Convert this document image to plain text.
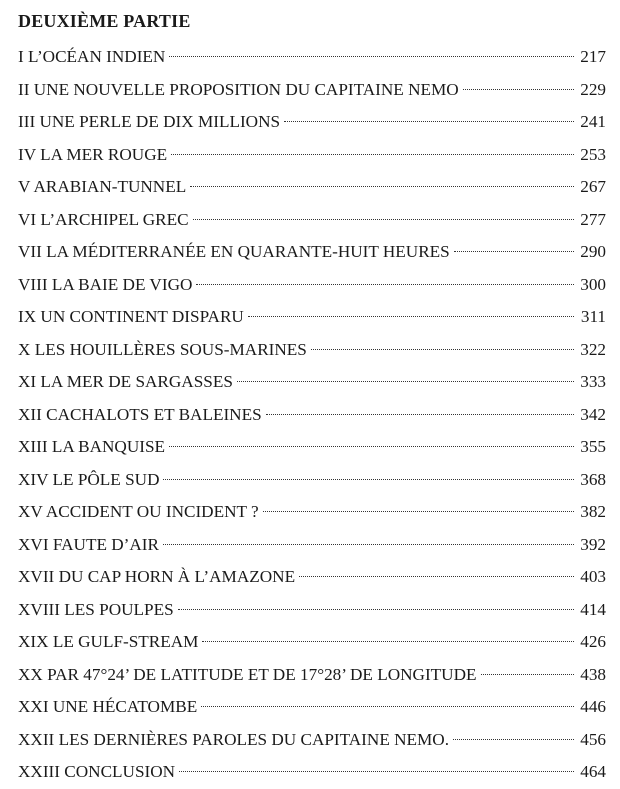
DEUXIÈME PARTIE
I L’OCÉAN INDIEN	217
II UNE NOUVELLE PROPOSITION DU CAPITAINE NEMO	229
III UNE PERLE DE DIX MILLIONS	241
IV LA MER ROUGE	253
V ARABIAN-TUNNEL	267
VI L’ARCHIPEL GREC	277
VII LA MÉDITERRANÉE EN QUARANTE-HUIT HEURES	290
VIII LA BAIE DE VIGO	300
IX UN CONTINENT DISPARU	311
X LES HOUILLÈRES SOUS-MARINES	322
XI LA MER DE SARGASSES	333
XII CACHALOTS ET BALEINES	342
XIII LA BANQUISE	355
XIV LE PÔLE SUD	368
XV ACCIDENT OU INCIDENT ?	382
XVI FAUTE D’AIR	392
XVII DU CAP HORN À L’AMAZONE	403
XVIII LES POULPES	414
XIX LE GULF-STREAM	426
XX PAR 47°24’ DE LATITUDE ET DE 17°28’ DE LONGITUDE	438
XXI UNE HÉCATOMBE	446
XXII LES DERNIÈRES PAROLES DU CAPITAINE NEMO.	456
XXIII CONCLUSION	464
